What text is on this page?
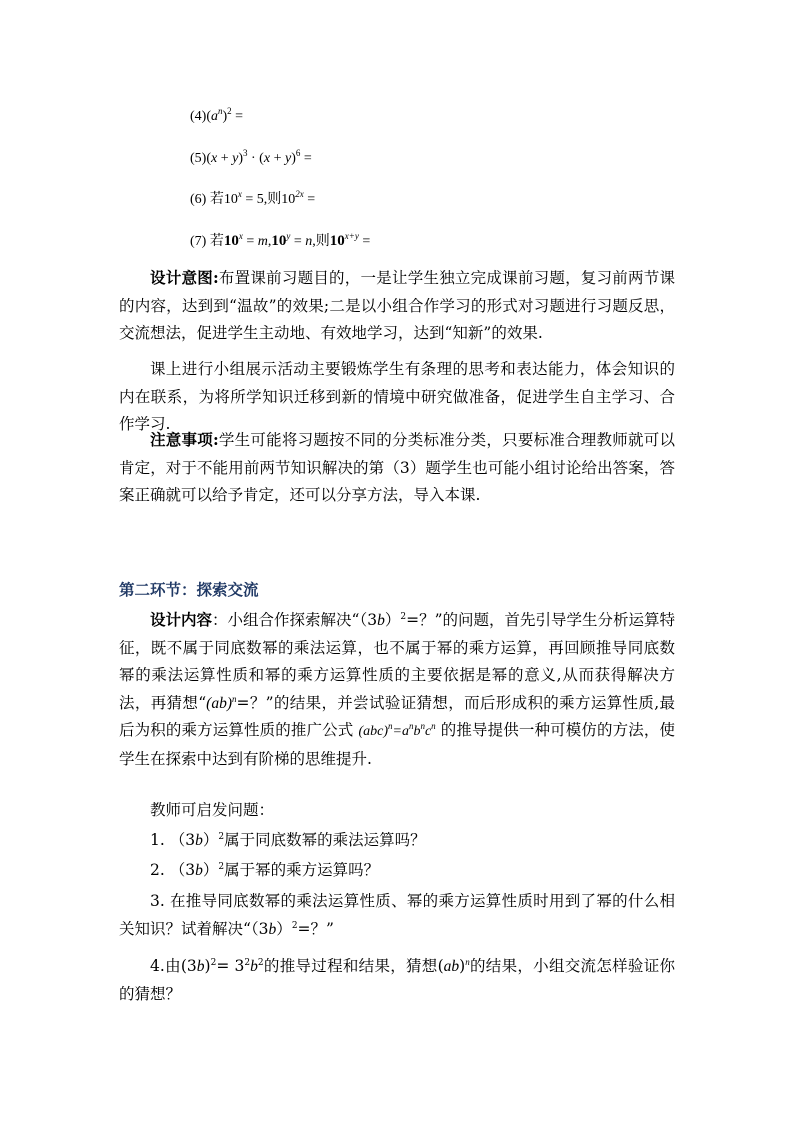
$(4)(a^n)^2$ =
$(5)(x + y)^3 \cdot (x + y)^6$ =
(6) 若$10^x = 5$,则$10^{2x}$ =
(7) 若$10^x = m,10^y = n$,则$10^{x+y}$ =
设计意图:布置课前习题目的，一是让学生独立完成课前习题，复习前两节课的内容，达到到“温故”的效果;二是以小组合作学习的形式对习题进行习题反思，交流想法，促进学生主动地、有效地学习，达到“知新”的效果.
课上进行小组展示活动主要锻炼学生有条理的思考和表达能力，体会知识的内在联系，为将所学知识迁移到新的情境中研究做准备，促进学生自主学习、合作学习.
注意事项:学生可能将习题按不同的分类标准分类，只要标准合理教师就可以肯定，对于不能用前两节知识解决的第（3）题学生也可能小组讨论给出答案，答案正确就可以给予肯定，还可以分享方法，导入本课.
第二环节：探索交流
设计内容：小组合作探索解决“$(3b)^2=$？”的问题，首先引导学生分析运算特征，既不属于同底数幂的乘法运算，也不属于幂的乘方运算，再回顾推导同底数幂的乘法运算性质和幂的乘方运算性质的主要依据是幂的意义,从而获得解决方法，再猜想“(ab)$^n$=？”的结果，并尝试验证猜想，而后形成积的乘方运算性质,最后为积的乘方运算性质的推广公式 $(abc)^n=a^nb^nc^n$ 的推导提供一种可模仿的方法，使学生在探索中达到有阶梯的思维提升.
教师可启发问题：
1. $(3b)^2$属于同底数幂的乘法运算吗？
2. $(3b)^2$属于幂的乘方运算吗？
3. 在推导同底数幂的乘法运算性质、幂的乘方运算性质时用到了幂的什么相关知识？试着解决“$(3b)^2=$？”
4.由$(3b)^2= 3^2b^2$的推导过程和结果，猜想(ab)$^n$的结果，小组交流怎样验证你的猜想？
